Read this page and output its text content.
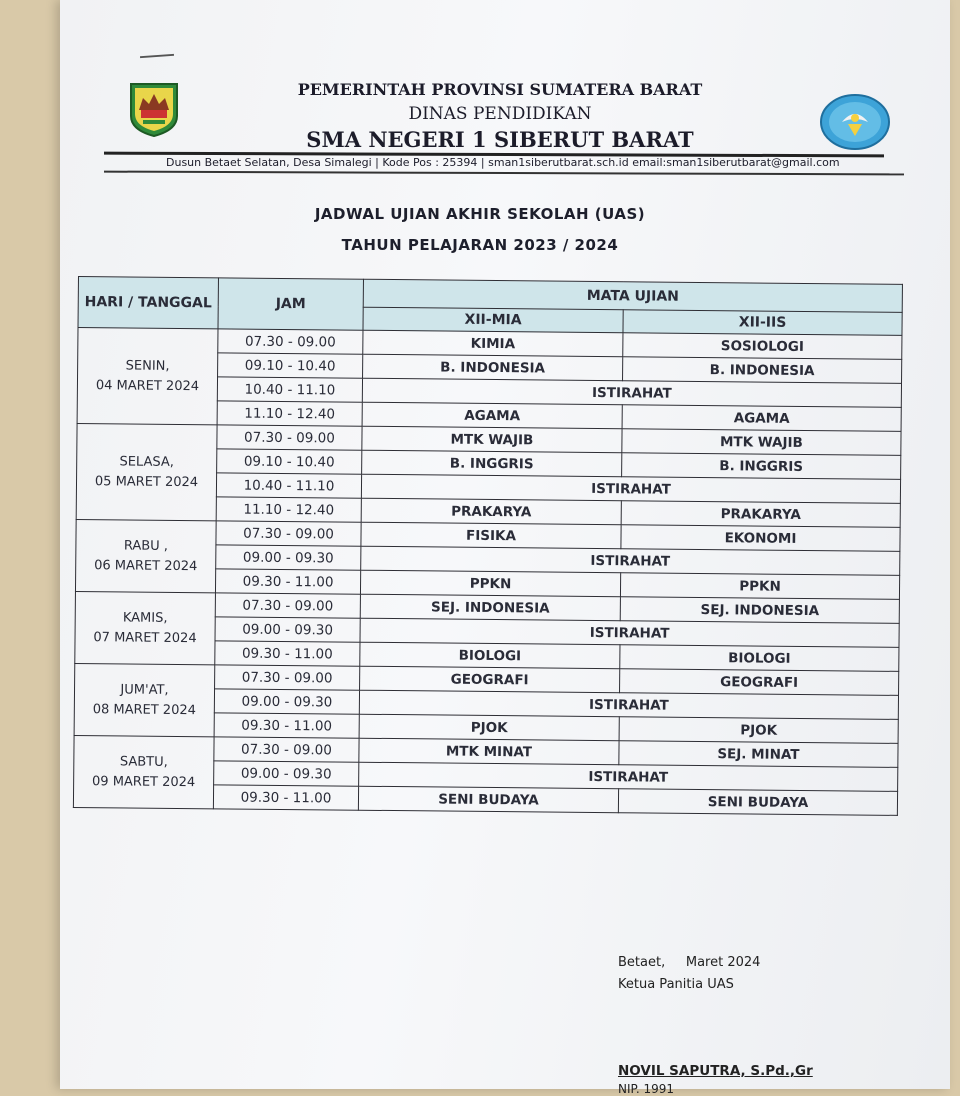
PEMERINTAH PROVINSI SUMATERA BARAT
DINAS PENDIDIKAN
SMA NEGERI 1 SIBERUT BARAT
Dusun Betaet Selatan, Desa Simalegi | Kode Pos : 25394 | sman1siberutbarat.sch.id email:sman1siberutbarat@gmail.com
JADWAL UJIAN AKHIR SEKOLAH (UAS)
TAHUN PELAJARAN 2023 / 2024
HARI / TANGGAL	JAM	MATA UJIAN	
		XII-MIA	XII-IIS

SENIN,
04 MARET 2024	07.30 - 09.00	KIMIA	SOSIOLOGI
	09.10 - 10.40	B. INDONESIA	B. INDONESIA
	10.40 - 11.10	ISTIRAHAT	
	11.10 - 12.40	AGAMA	AGAMA

SELASA,
05 MARET 2024	07.30 - 09.00	MTK WAJIB	MTK WAJIB
	09.10 - 10.40	B. INGGRIS	B. INGGRIS
	10.40 - 11.10	ISTIRAHAT	
	11.10 - 12.40	PRAKARYA	PRAKARYA

RABU ,
06 MARET 2024	07.30 - 09.00	FISIKA	EKONOMI
	09.00 - 09.30	ISTIRAHAT	
	09.30 - 11.00	PPKN	PPKN

KAMIS,
07 MARET 2024	07.30 - 09.00	SEJ. INDONESIA	SEJ. INDONESIA
	09.00 - 09.30	ISTIRAHAT	
	09.30 - 11.00	BIOLOGI	BIOLOGI

JUM'AT,
08 MARET 2024	07.30 - 09.00	GEOGRAFI	GEOGRAFI
	09.00 - 09.30	ISTIRAHAT	
	09.30 - 11.00	PJOK	PJOK

SABTU,
09 MARET 2024	07.30 - 09.00	MTK MINAT	SEJ. MINAT
	09.00 - 09.30	ISTIRAHAT	
	09.30 - 11.00	SENI BUDAYA	SENI BUDAYA
Betaet,     Maret 2024
Ketua Panitia UAS
NOVIL SAPUTRA, S.Pd.,Gr
NIP. 1991
